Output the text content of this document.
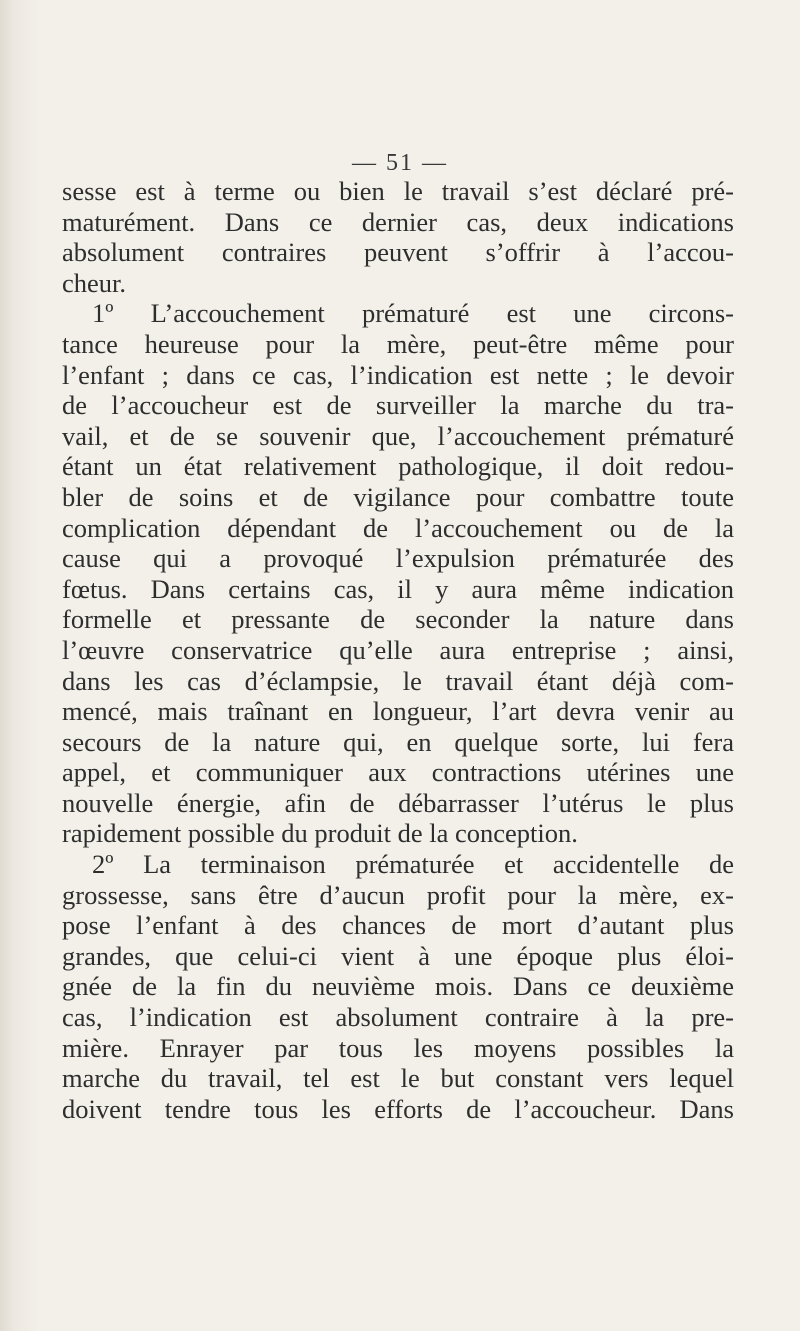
— 51 —
sesse est à terme ou bien le travail s’est déclaré pré-
maturément. Dans ce dernier cas, deux indications
absolument contraires peuvent s’offrir à l’accou-
cheur.
1º L’accouchement prématuré est une circons-
tance heureuse pour la mère, peut-être même pour
l’enfant ; dans ce cas, l’indication est nette ; le devoir
de l’accoucheur est de surveiller la marche du tra-
vail, et de se souvenir que, l’accouchement prématuré
étant un état relativement pathologique, il doit redou-
bler de soins et de vigilance pour combattre toute
complication dépendant de l’accouchement ou de la
cause qui a provoqué l’expulsion prématurée des
fœtus. Dans certains cas, il y aura même indication
formelle et pressante de seconder la nature dans
l’œuvre conservatrice qu’elle aura entreprise ; ainsi,
dans les cas d’éclampsie, le travail étant déjà com-
mencé, mais traînant en longueur, l’art devra venir au
secours de la nature qui, en quelque sorte, lui fera
appel, et communiquer aux contractions utérines une
nouvelle énergie, afin de débarrasser l’utérus le plus
rapidement possible du produit de la conception.
2º La terminaison prématurée et accidentelle de
grossesse, sans être d’aucun profit pour la mère, ex-
pose l’enfant à des chances de mort d’autant plus
grandes, que celui-ci vient à une époque plus éloi-
gnée de la fin du neuvième mois. Dans ce deuxième
cas, l’indication est absolument contraire à la pre-
mière. Enrayer par tous les moyens possibles la
marche du travail, tel est le but constant vers lequel
doivent tendre tous les efforts de l’accoucheur. Dans
